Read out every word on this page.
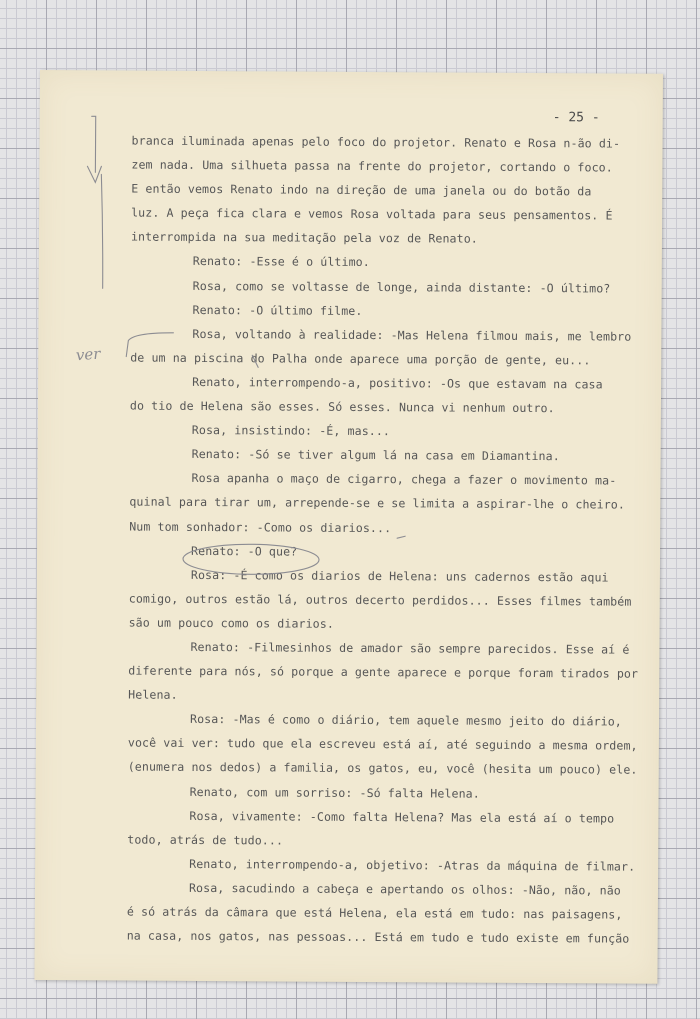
- 25 -
branca iluminada apenas pelo foco do projetor. Renato e Rosa n-ão di-
zem nada. Uma silhueta passa na frente do projetor, cortando o foco.
E então vemos Renato indo na direção de uma janela ou do botão da
luz. A peça fica clara e vemos Rosa voltada para seus pensamentos. É
interrompida na sua meditação pela voz de Renato.
Renato: -Esse é o último.
Rosa, como se voltasse de longe, ainda distante: -O último?
Renato: -O último filme.
Rosa, voltando à realidade: -Mas Helena filmou mais, me lembro
de um na piscina do Palha onde aparece uma porção de gente, eu...
Renato, interrompendo-a, positivo: -Os que estavam na casa
do tio de Helena são esses. Só esses. Nunca vi nenhum outro.
Rosa, insistindo: -É, mas...
Renato: -Só se tiver algum lá na casa em Diamantina.
Rosa apanha o maço de cigarro, chega a fazer o movimento ma-
quinal para tirar um, arrepende-se e se limita a aspirar-lhe o cheiro.
Num tom sonhador: -Como os diarios...
Renato: -O que?
Rosa: -É como os diarios de Helena: uns cadernos estão aqui
comigo, outros estão lá, outros decerto perdidos... Esses filmes também
são um pouco como os diarios.
Renato: -Filmesinhos de amador são sempre parecidos. Esse aí é
diferente para nós, só porque a gente aparece e porque foram tirados por
Helena.
Rosa: -Mas é como o diário, tem aquele mesmo jeito do diário,
você vai ver: tudo que ela escreveu está aí, até seguindo a mesma ordem,
(enumera nos dedos) a familia, os gatos, eu, você (hesita um pouco) ele.
Renato, com um sorriso: -Só falta Helena.
Rosa, vivamente: -Como falta Helena? Mas ela está aí o tempo
todo, atrás de tudo...
Renato, interrompendo-a, objetivo: -Atras da máquina de filmar.
Rosa, sacudindo a cabeça e apertando os olhos: -Não, não, não
é só atrás da câmara que está Helena, ela está em tudo: nas paisagens,
na casa, nos gatos, nas pessoas... Está em tudo e tudo existe em função
ver
